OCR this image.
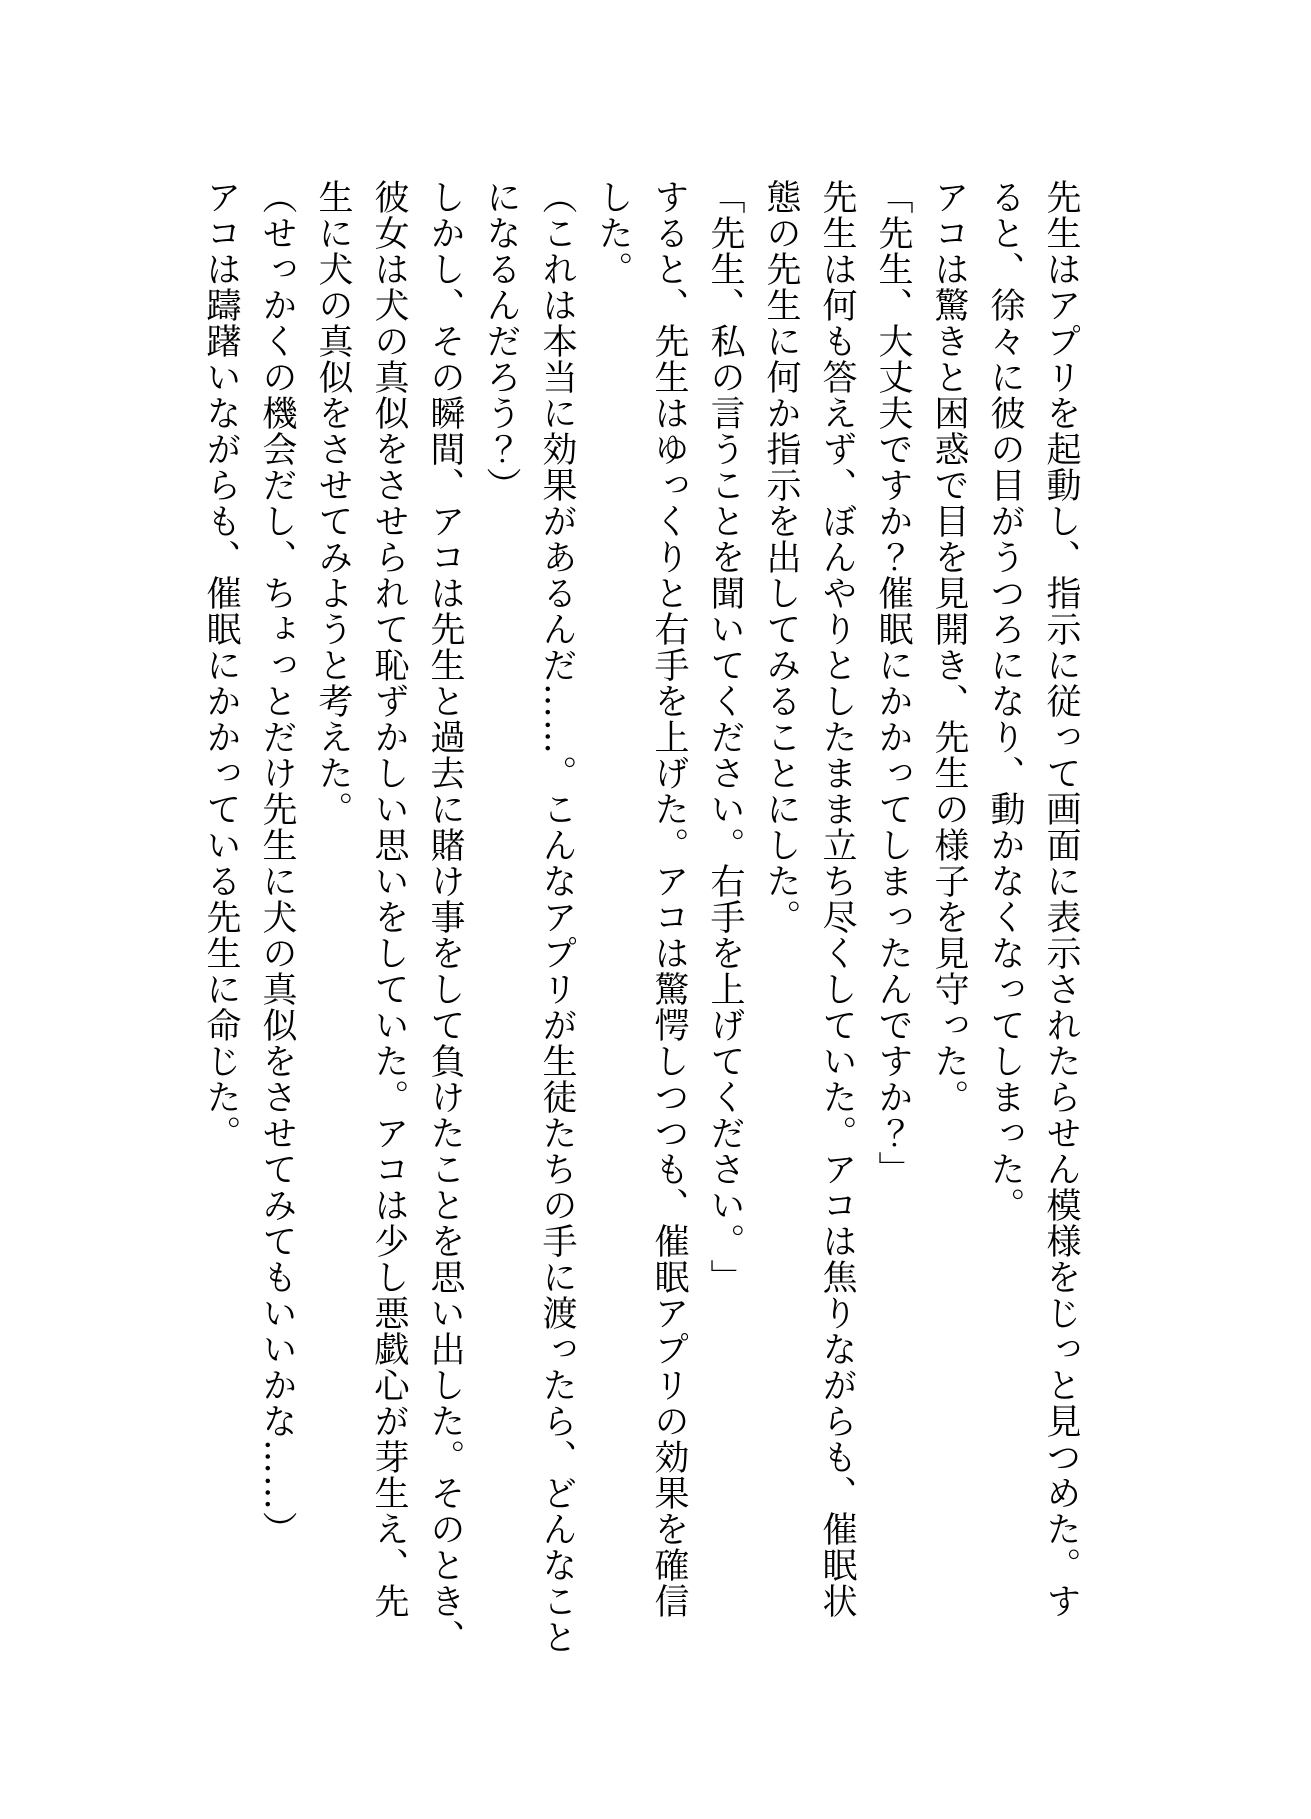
先生はアプリを起動し、指示に従って画面に表示されたらせん模様をじっと見つめた。す
ると、徐々に彼の目がうつろになり、動かなくなってしまった。
アコは驚きと困惑で目を見開き、先生の様子を見守った。
「先生、大丈夫ですか？催眠にかかってしまったんですか？」
先生は何も答えず、ぼんやりとしたまま立ち尽くしていた。アコは焦りながらも、催眠状
態の先生に何か指示を出してみることにした。
「先生、私の言うことを聞いてください。右手を上げてください。」
すると、先生はゆっくりと右手を上げた。アコは驚愕しつつも、催眠アプリの効果を確信
した。
（これは本当に効果があるんだ……。こんなアプリが生徒たちの手に渡ったら、どんなこと
になるんだろう？）
しかし、その瞬間、アコは先生と過去に賭け事をして負けたことを思い出した。そのとき、
彼女は犬の真似をさせられて恥ずかしい思いをしていた。アコは少し悪戯心が芽生え、先
生に犬の真似をさせてみようと考えた。
（せっかくの機会だし、ちょっとだけ先生に犬の真似をさせてみてもいいかな……）
アコは躊躇いながらも、催眠にかかっている先生に命じた。
